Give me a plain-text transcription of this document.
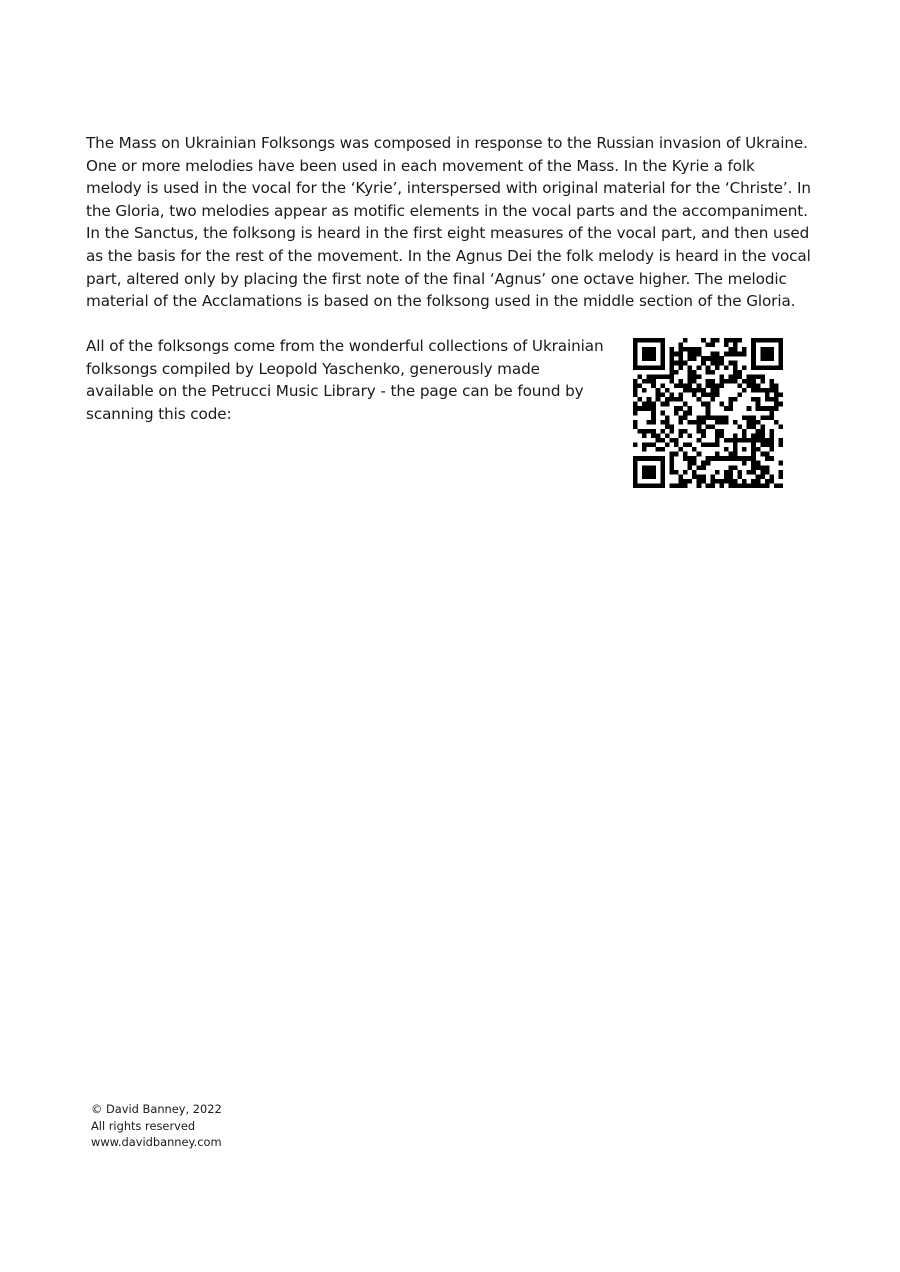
The Mass on Ukrainian Folksongs was composed in response to the Russian invasion of Ukraine. One or more melodies have been used in each movement of the Mass. In the Kyrie a folk melody is used in the vocal for the ‘Kyrie’, interspersed with original material for the ‘Christe’. In the Gloria, two melodies appear as motific elements in the vocal parts and the accompaniment. In the Sanctus, the folksong is heard in the first eight measures of the vocal part, and then used as the basis for the rest of the movement. In the Agnus Dei the folk melody is heard in the vocal part, altered only by placing the first note of the final ‘Agnus’ one octave higher. The melodic material of the Acclamations is based on the folksong used in the middle section of the Gloria.

All of the folksongs come from the wonderful collections of Ukrainian folksongs compiled by Leopold Yaschenko, generously made available on the Petrucci Music Library - the page can be found by scanning this code:

© David Banney, 2022
All rights reserved
www.davidbanney.com
